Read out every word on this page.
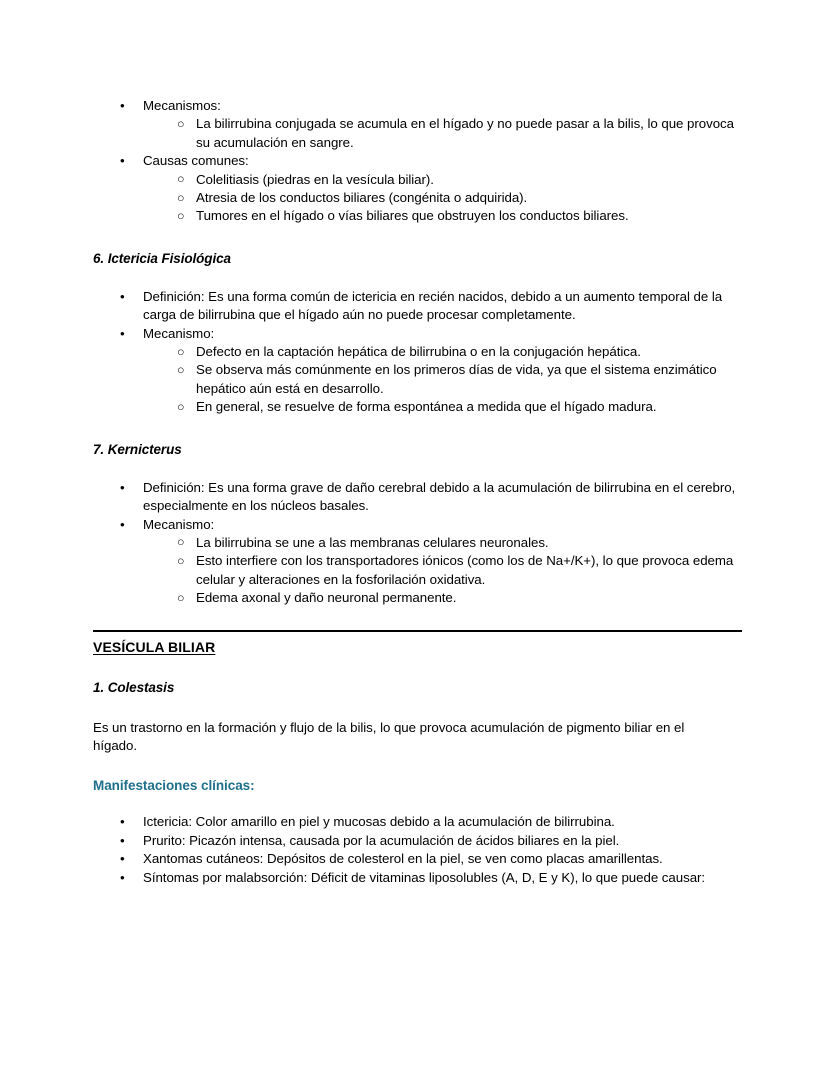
• Mecanismos:
○ La bilirrubina conjugada se acumula en el hígado y no puede pasar a la bilis, lo que provoca su acumulación en sangre.
• Causas comunes:
○ Colelitiasis (piedras en la vesícula biliar).
○ Atresia de los conductos biliares (congénita o adquirida).
○ Tumores en el hígado o vías biliares que obstruyen los conductos biliares.
6. Ictericia Fisiológica
• Definición: Es una forma común de ictericia en recién nacidos, debido a un aumento temporal de la carga de bilirrubina que el hígado aún no puede procesar completamente.
• Mecanismo:
○ Defecto en la captación hepática de bilirrubina o en la conjugación hepática.
○ Se observa más comúnmente en los primeros días de vida, ya que el sistema enzimático hepático aún está en desarrollo.
○ En general, se resuelve de forma espontánea a medida que el hígado madura.
7. Kernicterus
• Definición: Es una forma grave de daño cerebral debido a la acumulación de bilirrubina en el cerebro, especialmente en los núcleos basales.
• Mecanismo:
○ La bilirrubina se une a las membranas celulares neuronales.
○ Esto interfiere con los transportadores iónicos (como los de Na+/K+), lo que provoca edema celular y alteraciones en la fosforilación oxidativa.
○ Edema axonal y daño neuronal permanente.
VESÍCULA BILIAR
1. Colestasis

Es un trastorno en la formación y flujo de la bilis, lo que provoca acumulación de pigmento biliar en el hígado.

Manifestaciones clínicas:
• Ictericia: Color amarillo en piel y mucosas debido a la acumulación de bilirrubina.
• Prurito: Picazón intensa, causada por la acumulación de ácidos biliares en la piel.
• Xantomas cutáneos: Depósitos de colesterol en la piel, se ven como placas amarillentas.
• Síntomas por malabsorción: Déficit de vitaminas liposolubles (A, D, E y K), lo que puede causar:
